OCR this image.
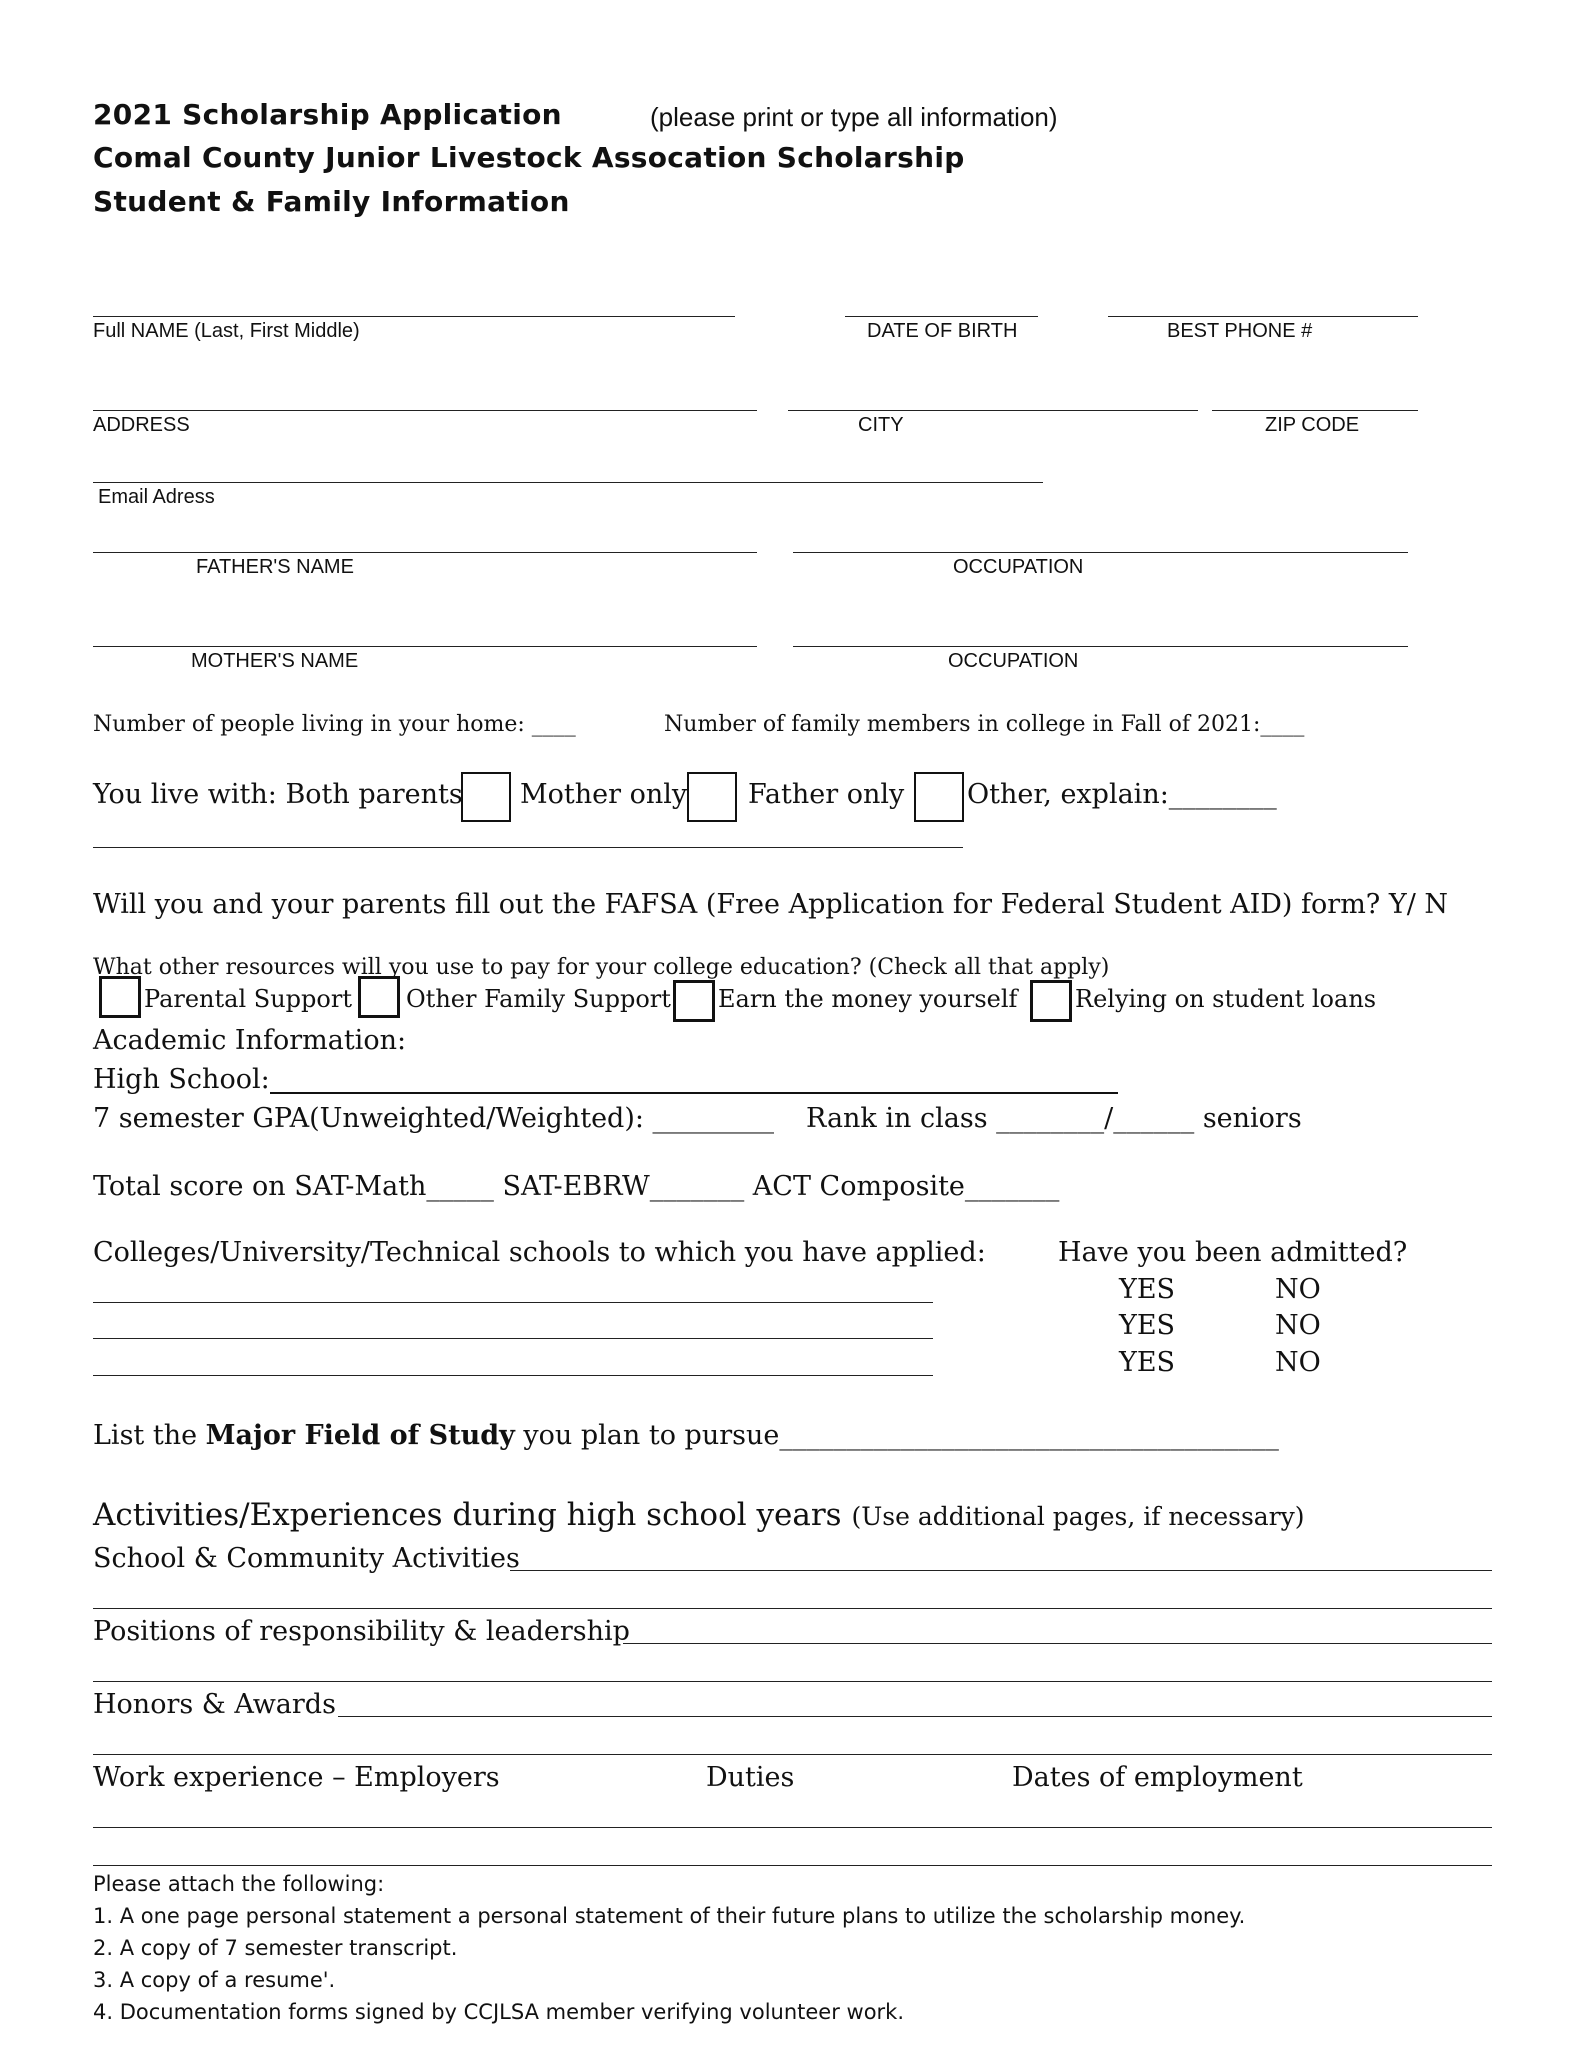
2021 Scholarship Application	(please print or type all information)
Comal County Junior Livestock Assocation Scholarship
Student & Family Information
Full NAME (Last, First Middle)	DATE OF BIRTH	BEST PHONE #
ADDRESS	CITY	ZIP CODE
Email Adress
FATHER'S NAME	OCCUPATION
MOTHER'S NAME	OCCUPATION
Number of people living in your home: ____	Number of family members in college in Fall of 2021:____
You live with: Both parents Mother only Father only Other, explain:________
Will you and your parents fill out the FAFSA (Free Application for Federal Student AID) form? Y/ N
What other resources will you use to pay for your college education? (Check all that apply)
Parental Support Other Family Support Earn the money yourself Relying on student loans
Academic Information:
High School:
7 semester GPA(Unweighted/Weighted): _________ Rank in class ________/______ seniors
Total score on SAT-Math_____ SAT-EBRW_______ ACT Composite_______
Colleges/University/Technical schools to which you have applied:	Have you been admitted?
YES	NO
YES	NO
YES	NO
List the Major Field of Study you plan to pursue_____________________________________
Activities/Experiences during high school years (Use additional pages, if necessary)
School & Community Activities
Positions of responsibility & leadership
Honors & Awards
Work experience – Employers	Duties	Dates of employment
Please attach the following:
1. A one page personal statement a personal statement of their future plans to utilize the scholarship money.
2. A copy of 7 semester transcript.
3. A copy of a resume'.
4. Documentation forms signed by CCJLSA member verifying volunteer work.
